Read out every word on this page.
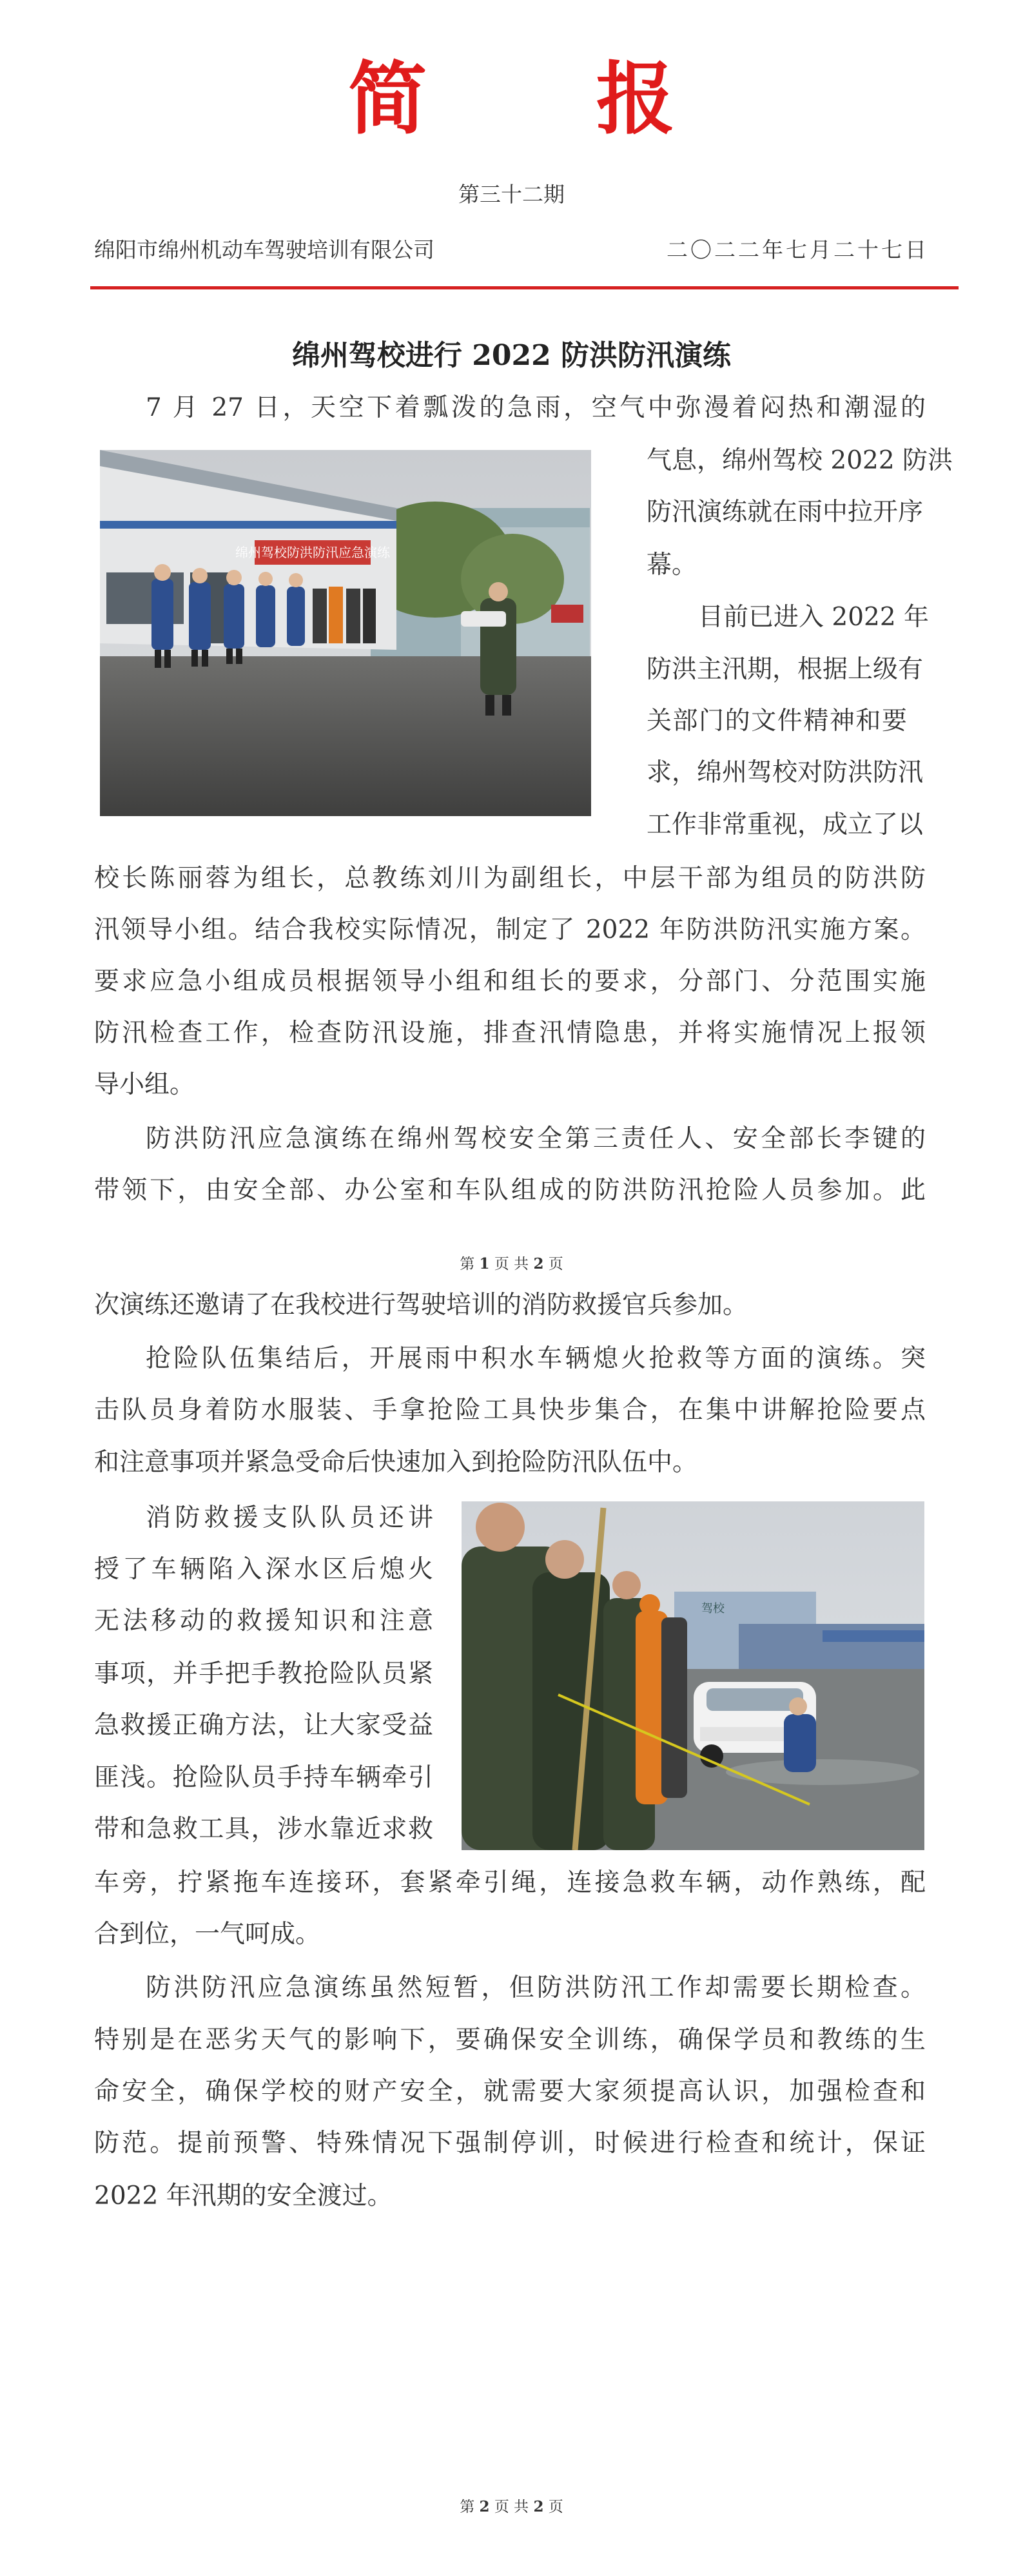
简 报
第三十二期
绵阳市绵州机动车驾驶培训有限公司	二〇二二年七月二十七日
绵州驾校进行 2022 防洪防汛演练
7 月 27 日，天空下着瓢泼的急雨，空气中弥漫着闷热和潮湿的
气息，绵州驾校 2022 防洪
防汛演练就在雨中拉开序
幕。
绵州驾校防洪防汛应急演练
目前已进入 2022 年
防洪主汛期，根据上级有
关部门的文件精神和要
求，绵州驾校对防洪防汛
工作非常重视，成立了以
校长陈丽蓉为组长，总教练刘川为副组长，中层干部为组员的防洪防
汛领导小组。结合我校实际情况，制定了 2022 年防洪防汛实施方案。
要求应急小组成员根据领导小组和组长的要求，分部门、分范围实施
防汛检查工作，检查防汛设施，排查汛情隐患，并将实施情况上报领
导小组。
防洪防汛应急演练在绵州驾校安全第三责任人、安全部长李键的
带领下，由安全部、办公室和车队组成的防洪防汛抢险人员参加。此
第 1 页 共 2 页
次演练还邀请了在我校进行驾驶培训的消防救援官兵参加。
抢险队伍集结后，开展雨中积水车辆熄火抢救等方面的演练。突
击队员身着防水服装、手拿抢险工具快步集合，在集中讲解抢险要点
和注意事项并紧急受命后快速加入到抢险防汛队伍中。
驾校
消防救援支队队员还讲
授了车辆陷入深水区后熄火
无法移动的救援知识和注意
事项，并手把手教抢险队员紧
急救援正确方法，让大家受益
匪浅。抢险队员手持车辆牵引
带和急救工具，涉水靠近求救
车旁，拧紧拖车连接环，套紧牵引绳，连接急救车辆，动作熟练，配
合到位，一气呵成。
防洪防汛应急演练虽然短暂，但防洪防汛工作却需要长期检查。
特别是在恶劣天气的影响下，要确保安全训练，确保学员和教练的生
命安全，确保学校的财产安全，就需要大家须提高认识，加强检查和
防范。提前预警、特殊情况下强制停训，时候进行检查和统计，保证
2022 年汛期的安全渡过。
第 2 页 共 2 页
